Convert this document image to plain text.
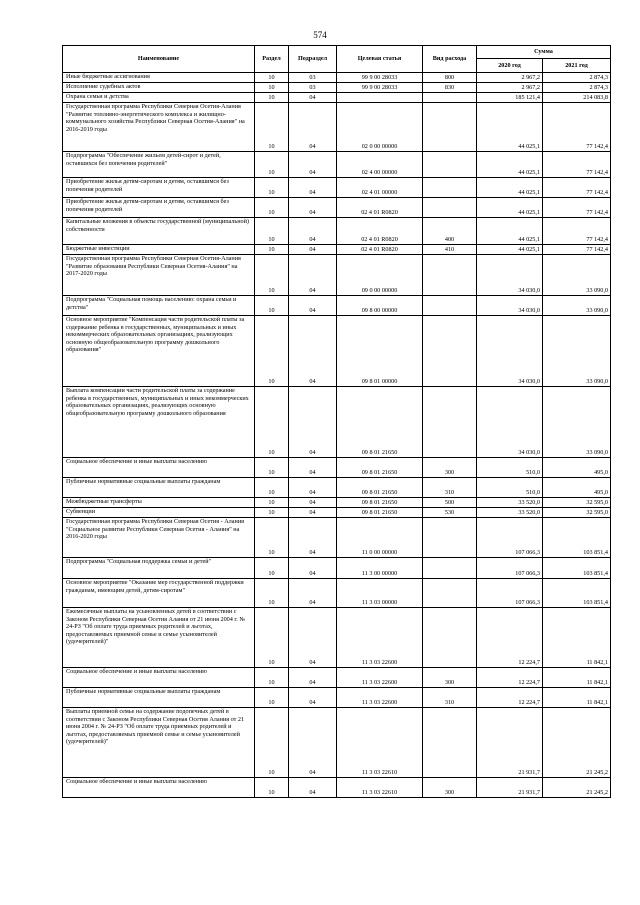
574
Наименование	Раздел	Подраздел	Целевая статья	Вид расхода	Сумма	
					2020 год	2021 год
Иные бюджетные ассигнования	10	03	99 9 00 28033	800	2 967,2	2 874,3
Исполнение судебных актов	10	03	99 9 00 28033	830	2 967,2	2 874,3
Охрана семьи и детства	10	04			185 121,4	214 083,8
Государственная программа Республики Северная Осетия-Алания "Развитие топливно-энергетического комплекса и жилищно-коммунального хозяйства Республики Северная Осетия-Алания" на 2016-2019 годы	10	04	02 0 00 00000		44 025,1	77 142,4
Подпрограмма "Обеспечение жильем детей-сирот и детей, оставшихся без попечения родителей"	10	04	02 4 00 00000		44 025,1	77 142,4
Приобретение жилья детям-сиротам и детям, оставшимся без попечения родителей	10	04	02 4 01 00000		44 025,1	77 142,4
Приобретение жилья детям-сиротам и детям, оставшимся без попечения родителей	10	04	02 4 01 R0820		44 025,1	77 142,4
Капитальные вложения в объекты государственной (муниципальной) собственности	10	04	02 4 01 R0820	400	44 025,1	77 142,4
Бюджетные инвестиции	10	04	02 4 01 R0820	410	44 025,1	77 142,4
Государственная программа Республики Северная Осетия-Алания "Развитие образования Республики Северная Осетия-Алания" на 2017-2020 годы	10	04	09 0 00 00000		34 030,0	33 090,0
Подпрограмма "Социальная помощь населению: охрана семьи и детства"	10	04	09 8 00 00000		34 030,0	33 090,0
Основное мероприятие "Компенсация части родительской платы за содержание ребенка в государственных, муниципальных и иных некоммерческих образовательных организациях, реализующих основную общеобразовательную программу дошкольного образования"	10	04	09 8 01 00000		34 030,0	33 090,0
Выплата компенсации части родительской платы за содержание ребенка в государственных, муниципальных и иных некоммерческих образовательных организациях, реализующих основную общеобразовательную программу дошкольного образования	10	04	09 8 01 21650		34 030,0	33 090,0
Социальное обеспечение и иные выплаты населению	10	04	09 8 01 21650	300	510,0	495,0
Публичные нормативные социальные выплаты гражданам	10	04	09 8 01 21650	310	510,0	495,0
Межбюджетные трансферты	10	04	09 8 01 21650	500	33 520,0	32 595,0
Субвенции	10	04	09 8 01 21650	530	33 520,0	32 595,0
Государственная программа Республики Северная Осетия - Алания "Социальное развитие Республики Северная Осетия - Алания" на 2016-2020 годы	10	04	11 0 00 00000		107 066,3	103 851,4
Подпрограмма "Социальная поддержка семьи и детей"	10	04	11 3 00 00000		107 066,3	103 851,4
Основное мероприятие "Оказание мер государственной поддержки гражданам, имеющим детей, детям-сиротам"	10	04	11 3 03 00000		107 066,3	103 851,4
Ежемесячные выплаты на усыновленных детей в соответствии с Законом Республики Северная Осетия Алания от 21 июня 2004 г. № 24-РЗ "Об оплате труда приемных родителей и льготах, предоставляемых приемной семье и семье усыновителей (удочерителей)"	10	04	11 3 03 22600		12 224,7	11 842,1
Социальное обеспечение и иные выплаты населению	10	04	11 3 03 22600	300	12 224,7	11 842,1
Публичные нормативные социальные выплаты гражданам	10	04	11 3 03 22600	310	12 224,7	11 842,1
Выплаты приемной семье на содержание подопечных детей в соответствии с Законом Республики Северная Осетия Алания от 21 июня 2004 г. № 24-РЗ "Об оплате труда приемных родителей и льготах, предоставляемых приемной семье и семье усыновителей (удочерителей)"	10	04	11 3 03 22610		21 931,7	21 245,2
Социальное обеспечение и иные выплаты населению	10	04	11 3 03 22610	300	21 931,7	21 245,2
